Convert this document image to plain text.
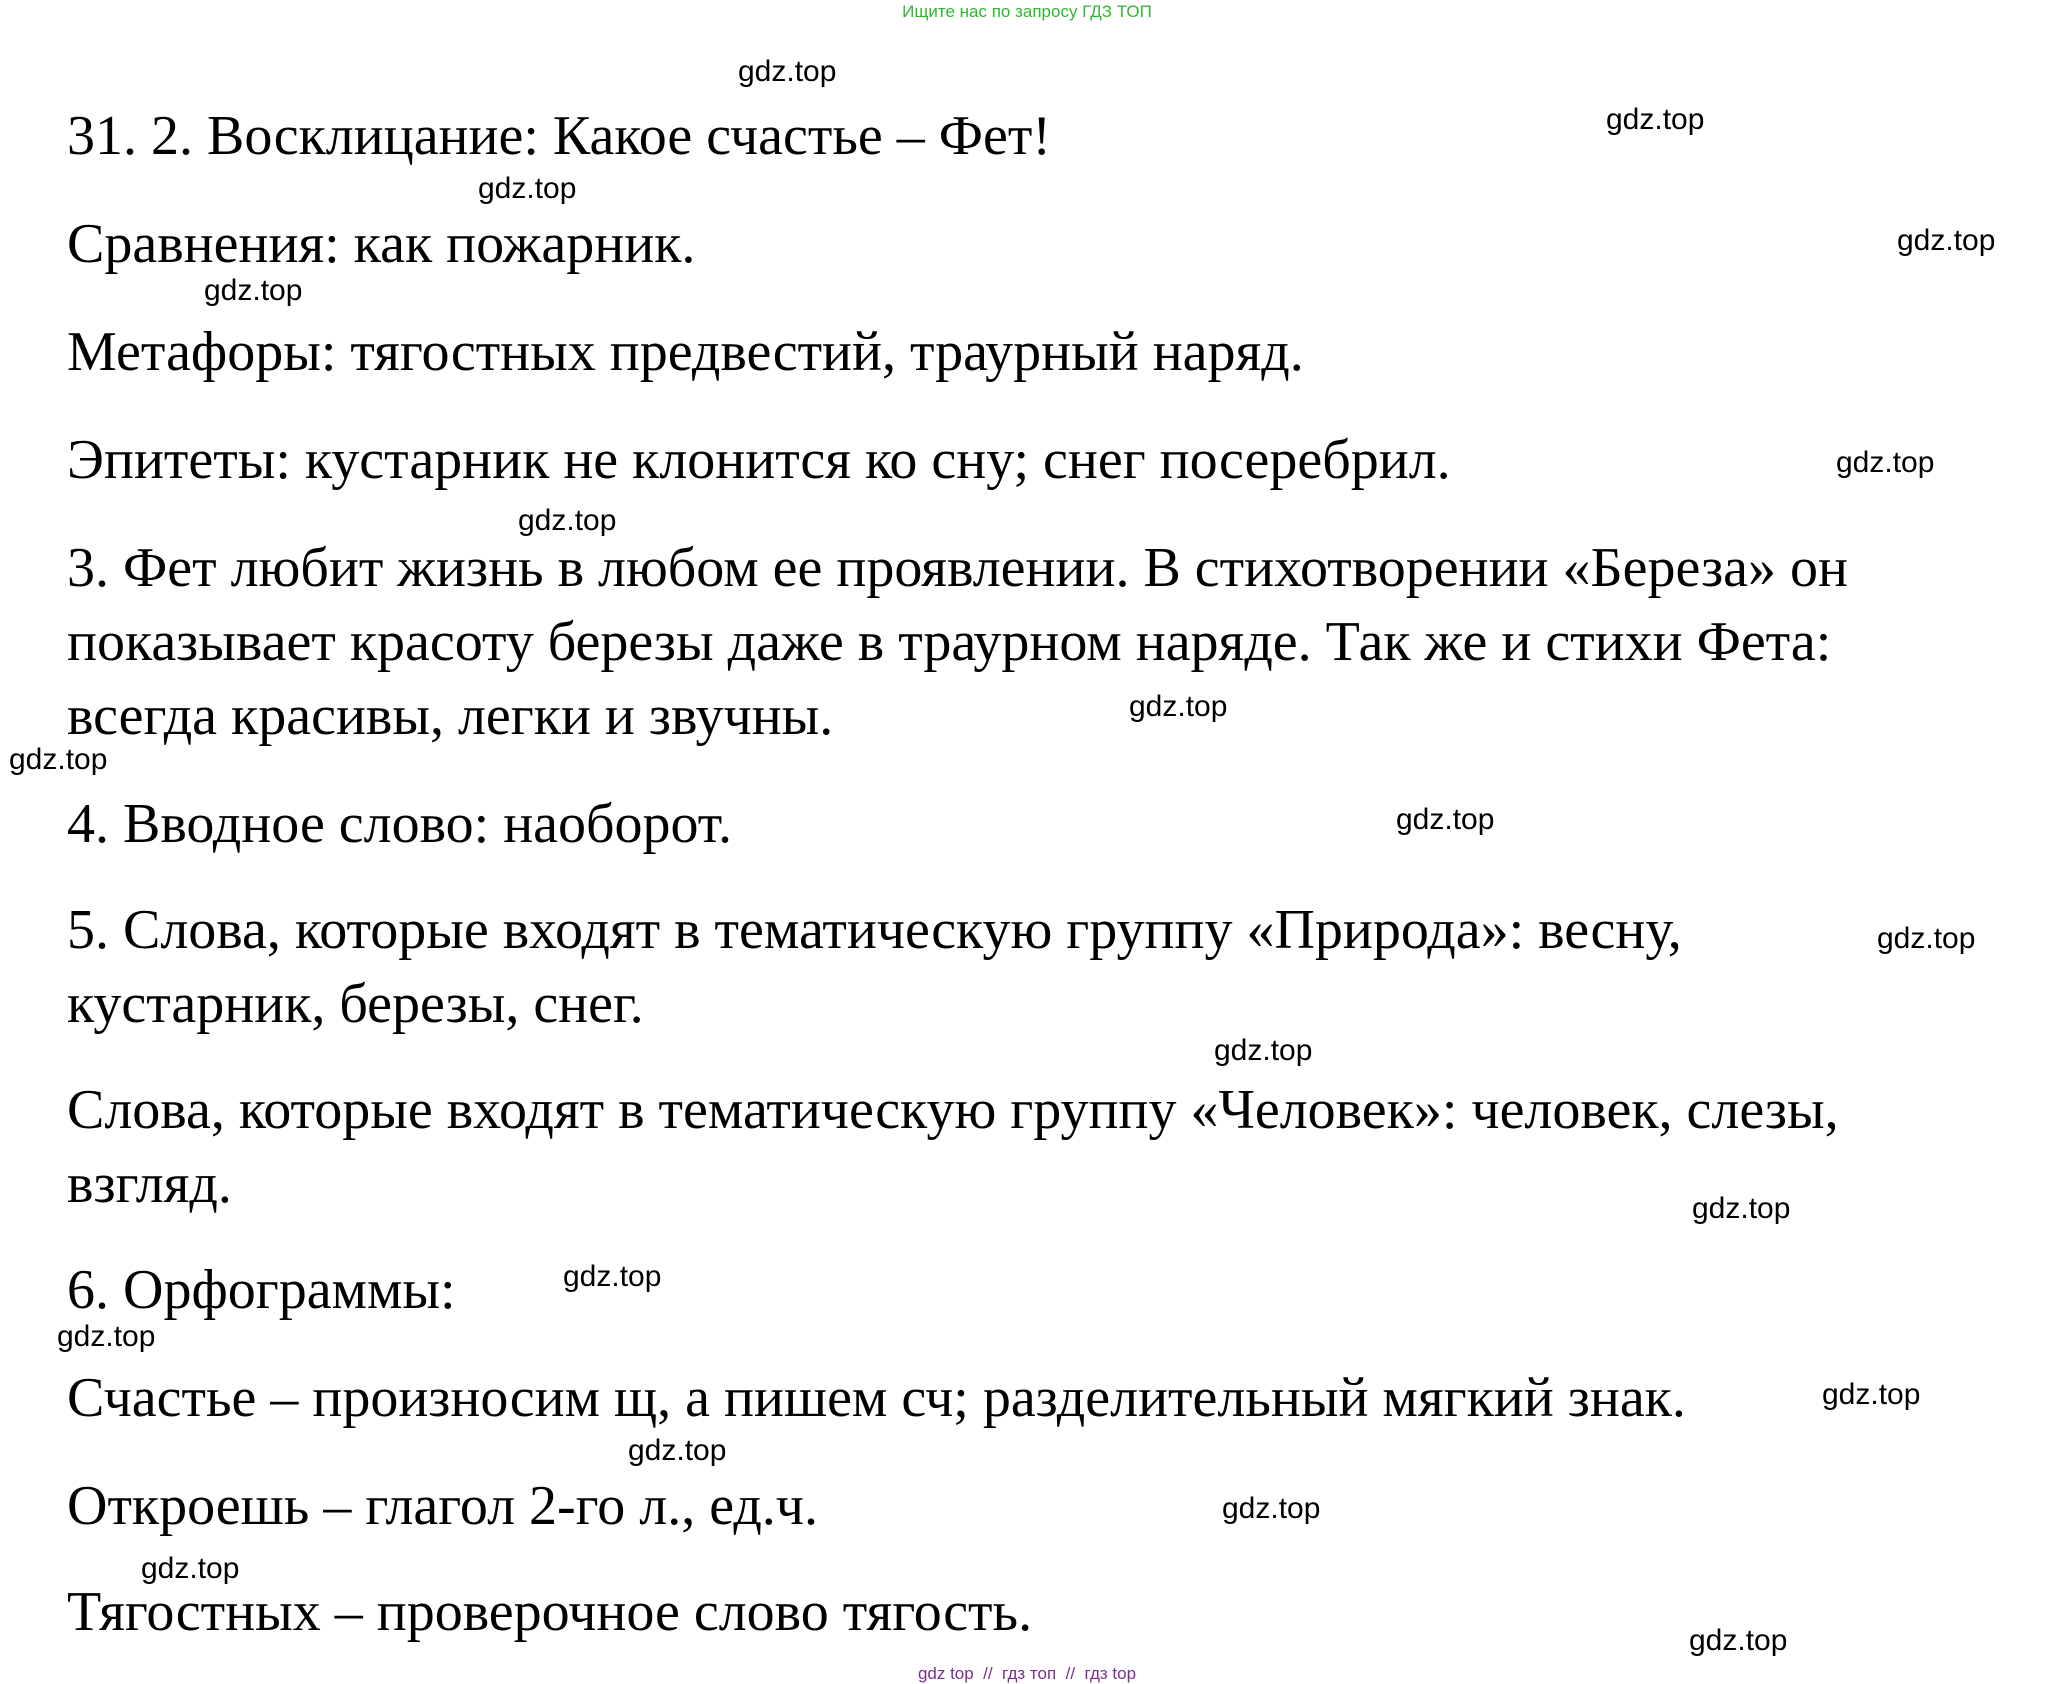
Ищите нас по запросу ГДЗ ТОП
31. 2. Восклицание: Какое счастье – Фет!
Сравнения: как пожарник.
Метафоры: тягостных предвестий, траурный наряд.
Эпитеты: кустарник не клонится ко сну; снег посеребрил.
3. Фет любит жизнь в любом ее проявлении. В стихотворении «Береза» он
показывает красоту березы даже в траурном наряде. Так же и стихи Фета:
всегда красивы, легки и звучны.
4. Вводное слово: наоборот.
5. Слова, которые входят в тематическую группу «Природа»: весну,
кустарник, березы, снег.
Слова, которые входят в тематическую группу «Человек»: человек, слезы,
взгляд.
6. Орфограммы:
Счастье – произносим щ, а пишем сч; разделительный мягкий знак.
Откроешь – глагол 2-го л., ед.ч.
Тягостных – проверочное слово тягость.
gdz.top
gdz.top
gdz.top
gdz.top
gdz.top
gdz.top
gdz.top
gdz.top
gdz.top
gdz.top
gdz.top
gdz.top
gdz.top
gdz.top
gdz.top
gdz.top
gdz.top
gdz.top
gdz.top
gdz.top
gdz top  //  гдз топ  //  гдз top
